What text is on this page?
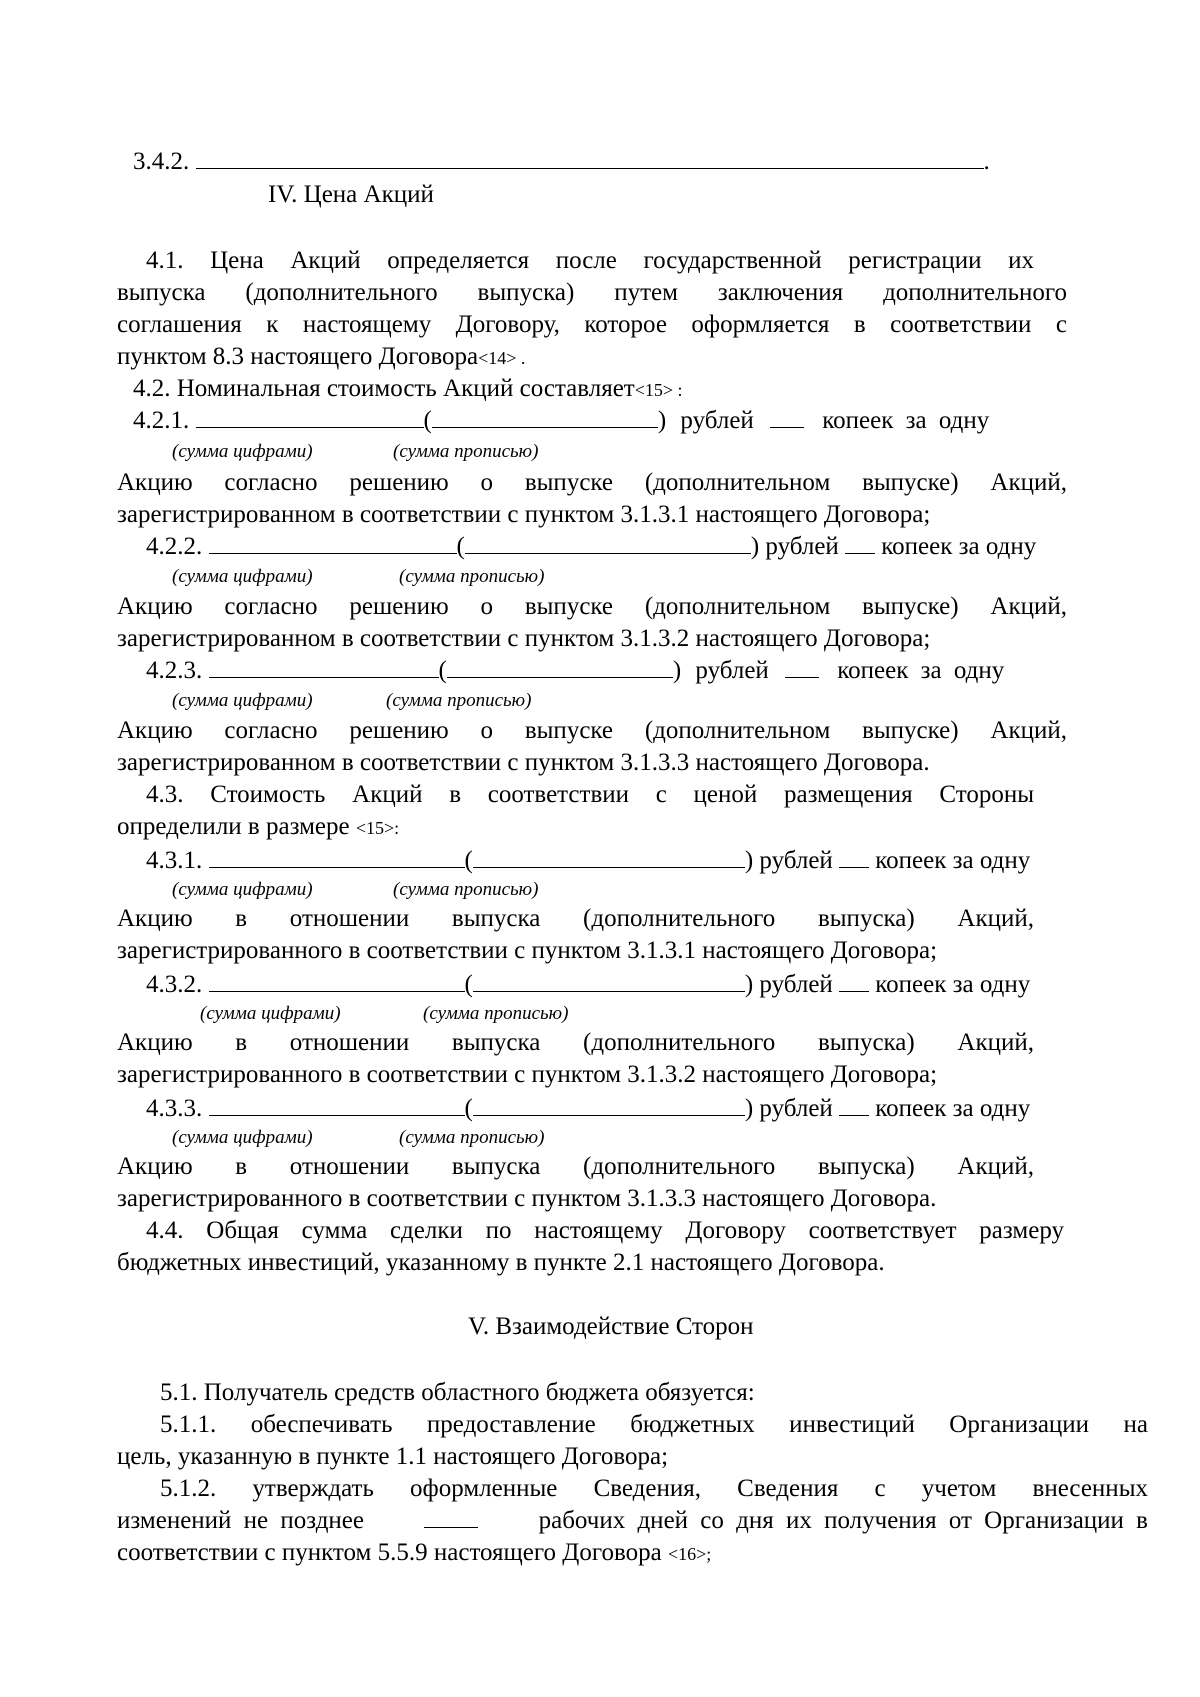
3.4.2.	.
IV. Цена Акций
4.1. Цена Акций определяется после государственной регистрации их
выпуска (дополнительного выпуска) путем заключения дополнительного
соглашения к настоящему Договору, которое оформляется в соответствии с
пунктом 8.3 настоящего Договора<14> .
4.2. Номинальная стоимость Акций составляет<15> :
4.2.1.	(	) рублей	копеек за одну
(сумма цифрами)	(сумма прописью)
Акцию согласно решению о выпуске (дополнительном выпуске) Акций,
зарегистрированном в соответствии с пунктом 3.1.3.1 настоящего Договора;
4.2.2.	(	) рублей копеек за одну
(сумма цифрами)	(сумма прописью)
Акцию согласно решению о выпуске (дополнительном выпуске) Акций,
зарегистрированном в соответствии с пунктом 3.1.3.2 настоящего Договора;
4.2.3.	(	) рублей	копеек за одну
(сумма цифрами)	(сумма прописью)
Акцию согласно решению о выпуске (дополнительном выпуске) Акций,
зарегистрированном в соответствии с пунктом 3.1.3.3 настоящего Договора.
4.3. Стоимость Акций в соответствии с ценой размещения Стороны
определили в размере <15>:
4.3.1.	(	) рублей копеек за одну
(сумма цифрами)	(сумма прописью)
Акцию в отношении выпуска (дополнительного выпуска) Акций,
зарегистрированного в соответствии с пунктом 3.1.3.1 настоящего Договора;
4.3.2.	(	) рублей копеек за одну
(сумма цифрами)	(сумма прописью)
Акцию в отношении выпуска (дополнительного выпуска) Акций,
зарегистрированного в соответствии с пунктом 3.1.3.2 настоящего Договора;
4.3.3.	(	) рублей копеек за одну
(сумма цифрами)	(сумма прописью)
Акцию в отношении выпуска (дополнительного выпуска) Акций,
зарегистрированного в соответствии с пунктом 3.1.3.3 настоящего Договора.
4.4. Общая сумма сделки по настоящему Договору соответствует размеру
бюджетных инвестиций, указанному в пункте 2.1 настоящего Договора.
V. Взаимодействие Сторон
5.1. Получатель средств областного бюджета обязуется:
5.1.1. обеспечивать предоставление бюджетных инвестиций Организации на
цель, указанную в пункте 1.1 настоящего Договора;
5.1.2. утверждать оформленные Сведения, Сведения с учетом внесенных
изменений не позднее	рабочих дней со дня их получения от Организации в
соответствии с пунктом 5.5.9 настоящего Договора <16>;
